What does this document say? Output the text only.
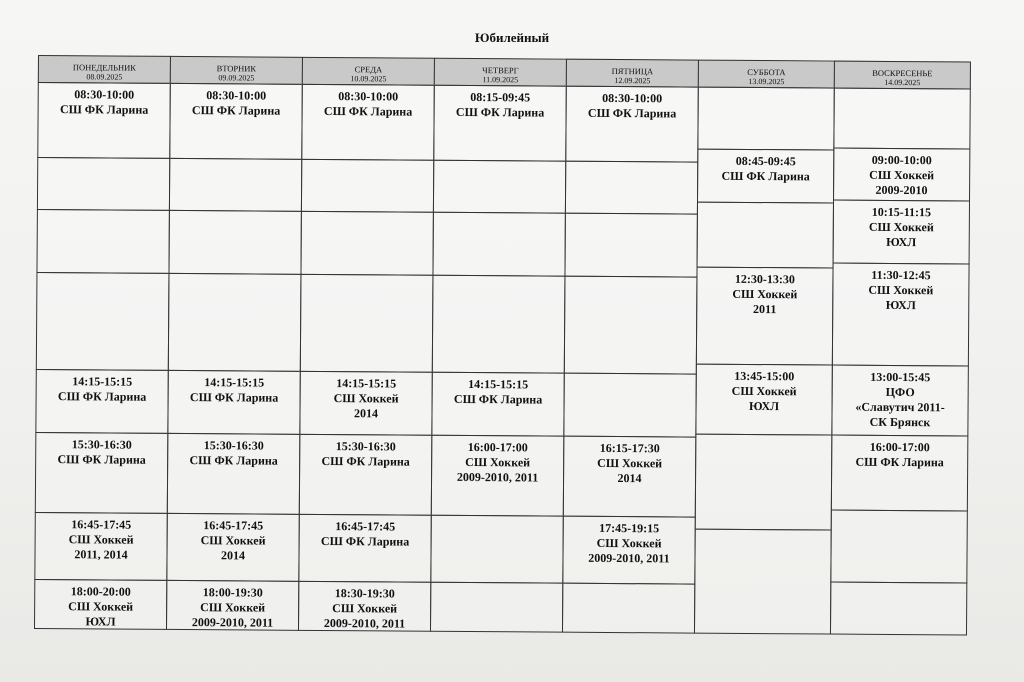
Юбилейный
ПОНЕДЕЛЬНИК
08.09.2025
08:30-10:00
СШ ФК Ларина
14:15-15:15
СШ ФК Ларина
15:30-16:30
СШ ФК Ларина
16:45-17:45
СШ Хоккей
2011, 2014
18:00-20:00
СШ Хоккей
ЮХЛ
ВТОРНИК
09.09.2025
08:30-10:00
СШ ФК Ларина
14:15-15:15
СШ ФК Ларина
15:30-16:30
СШ ФК Ларина
16:45-17:45
СШ Хоккей
2014
18:00-19:30
СШ Хоккей
2009-2010, 2011
СРЕДА
10.09.2025
08:30-10:00
СШ ФК Ларина
14:15-15:15
СШ Хоккей
2014
15:30-16:30
СШ ФК Ларина
16:45-17:45
СШ ФК Ларина
18:30-19:30
СШ Хоккей
2009-2010, 2011
ЧЕТВЕРГ
11.09.2025
08:15-09:45
СШ ФК Ларина
14:15-15:15
СШ ФК Ларина
16:00-17:00
СШ Хоккей
2009-2010, 2011
ПЯТНИЦА
12.09.2025
08:30-10:00
СШ ФК Ларина
16:15-17:30
СШ Хоккей
2014
17:45-19:15
СШ Хоккей
2009-2010, 2011
СУББОТА
13.09.2025
08:45-09:45
СШ ФК Ларина
12:30-13:30
СШ Хоккей
2011
13:45-15:00
СШ Хоккей
ЮХЛ
ВОСКРЕСЕНЬЕ
14.09.2025
09:00-10:00
СШ Хоккей
2009-2010
10:15-11:15
СШ Хоккей
ЮХЛ
11:30-12:45
СШ Хоккей
ЮХЛ
13:00-15:45
ЦФО
«Славутич 2011-
СК Брянск
16:00-17:00
СШ ФК Ларина
